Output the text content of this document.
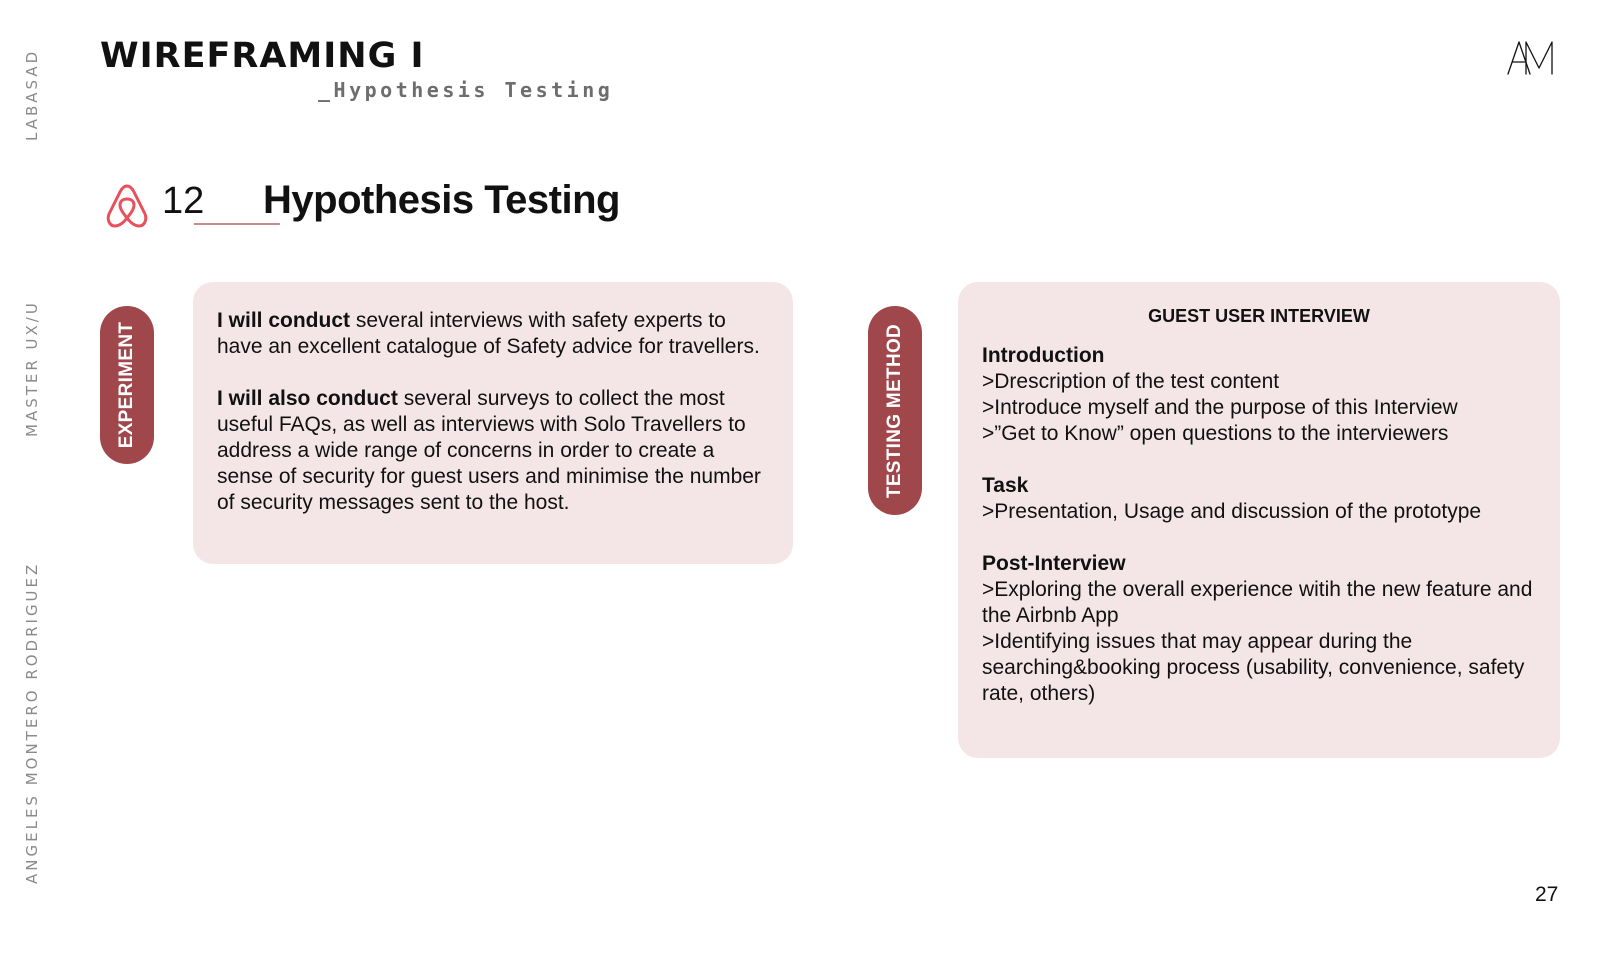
LABASAD
MASTER UX/U
ANGELES MONTERO RODRIGUEZ
WIREFRAMING I
_Hypothesis Testing
12 Hypothesis Testing
EXPERIMENT

I will conduct several interviews with safety experts to have an excellent catalogue of Safety advice for travellers.

I will also conduct several surveys to collect the most useful FAQs, as well as interviews with Solo Travellers to address a wide range of concerns in order to create a sense of security for guest users and minimise the number of security messages sent to the host.

TESTING METHOD
GUEST USER INTERVIEW
Introduction
>Drescription of the test content
>Introduce myself and the purpose of this Interview
>”Get to Know” open questions to the interviewers
Task
>Presentation, Usage and discussion of the prototype
Post-Interview
>Exploring the overall experience witih the new feature and the Airbnb App
>Identifying issues that may appear during the searching&booking process (usability, convenience, safety rate, others)
27
